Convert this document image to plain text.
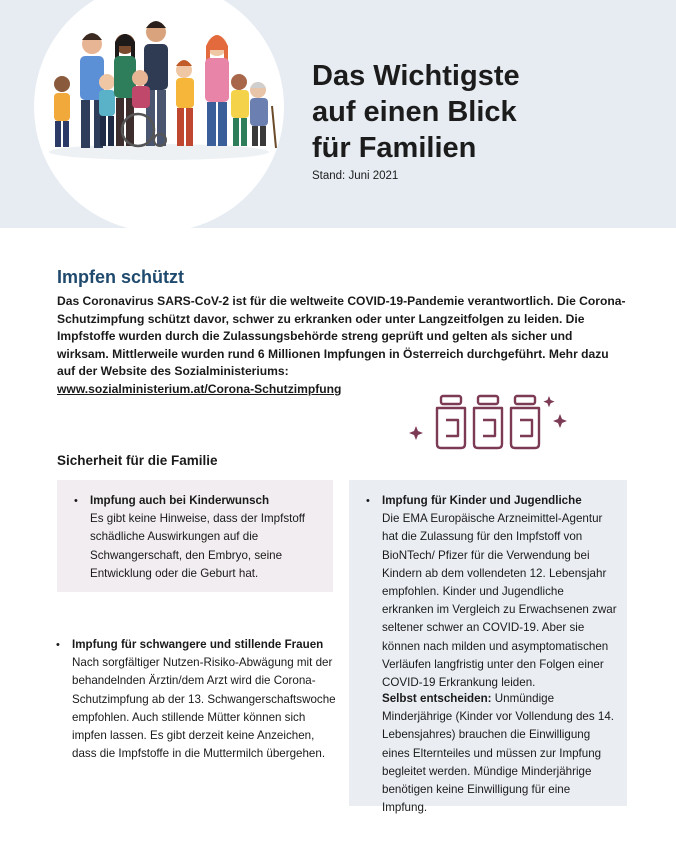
Das Wichtigste
auf einen Blick
für Familien
Stand: Juni 2021
Impfen schützt
Das Coronavirus SARS-CoV-2 ist für die weltweite COVID-19-Pandemie verantwortlich. Die Corona-Schutzimpfung schützt davor, schwer zu erkranken oder unter Langzeitfolgen zu leiden. Die Impfstoffe wurden durch die Zulassungsbehörde streng geprüft und gelten als sicher und wirksam. Mittlerweile wurden rund 6 Millionen Impfungen in Österreich durchgeführt. Mehr dazu auf der Website des Sozialministeriums:
www.sozialministerium.at/Corona-Schutzimpfung
Sicherheit für die Familie
• Impfung auch bei Kinderwunsch
Es gibt keine Hinweise, dass der Impfstoff schädliche Auswirkungen auf die Schwangerschaft, den Embryo, seine Entwicklung oder die Geburt hat.
• Impfung für schwangere und stillende Frauen
Nach sorgfältiger Nutzen-Risiko-Abwägung mit der behandelnden Ärztin/dem Arzt wird die Corona-Schutzimpfung ab der 13. Schwangerschaftswoche empfohlen. Auch stillende Mütter können sich impfen lassen. Es gibt derzeit keine Anzeichen, dass die Impfstoffe in die Muttermilch übergehen.
• Impfung für Kinder und Jugendliche
Die EMA Europäische Arzneimittel-Agentur hat die Zulassung für den Impfstoff von BioNTech/ Pfizer für die Verwendung bei Kindern ab dem vollendeten 12. Lebensjahr empfohlen. Kinder und Jugendliche erkranken im Vergleich zu Erwachsenen zwar seltener schwer an COVID-19. Aber sie können nach milden und asymptomatischen Verläufen langfristig unter den Folgen einer COVID-19 Erkrankung leiden.
Selbst entscheiden: Unmündige Minderjährige (Kinder vor Vollendung des 14. Lebensjahres) brauchen die Einwilligung eines Elternteiles und müssen zur Impfung begleitet werden. Mündige Minderjährige benötigen keine Einwilligung für eine Impfung.
